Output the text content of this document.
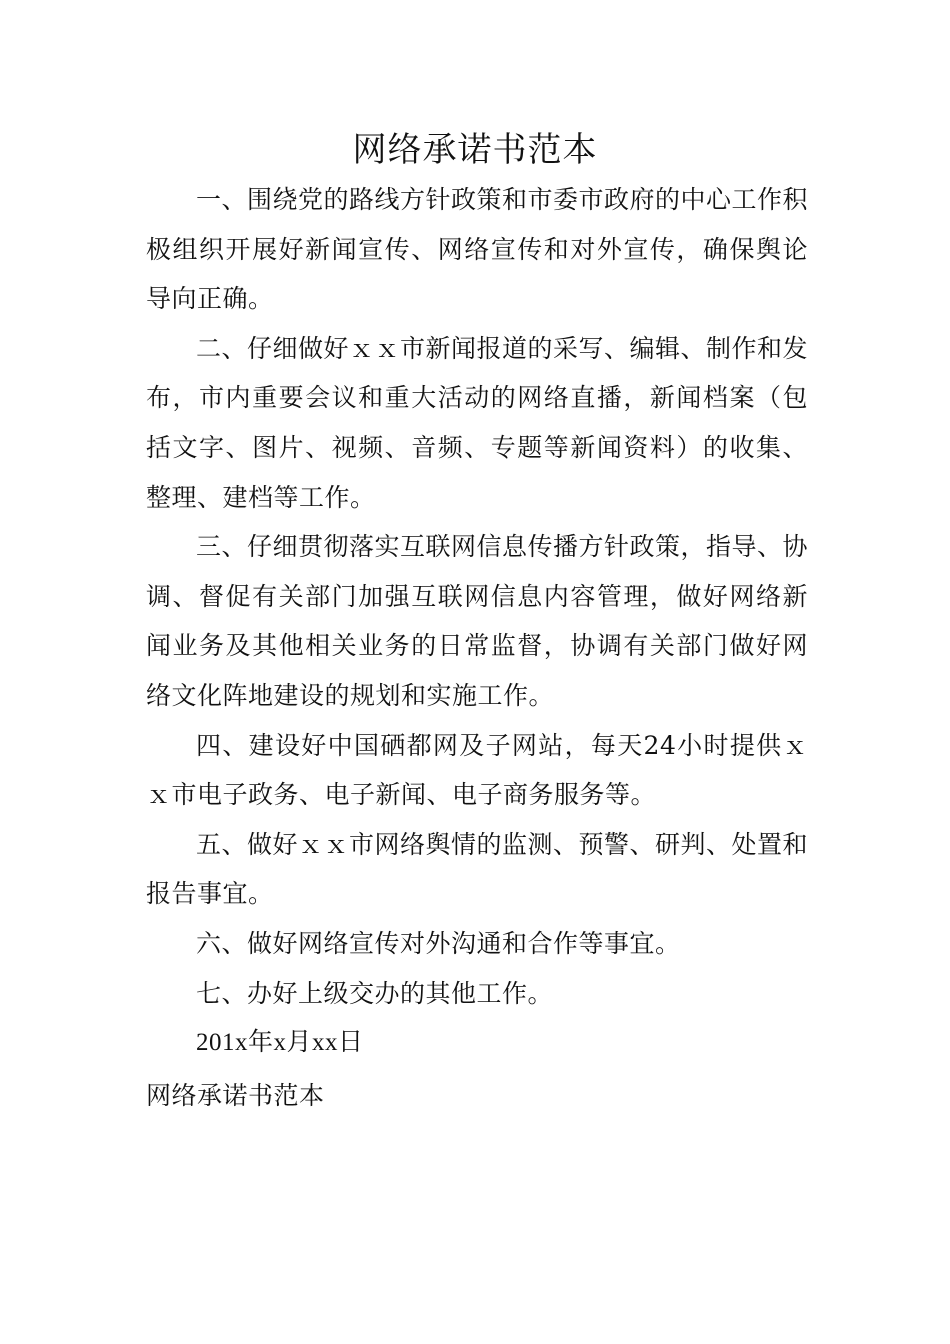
网络承诺书范本

一、围绕党的路线方针政策和市委市政府的中心工作积极组织开展好新闻宣传、网络宣传和对外宣传，确保舆论导向正确。

二、仔细做好ｘｘ市新闻报道的采写、编辑、制作和发布，市内重要会议和重大活动的网络直播，新闻档案（包括文字、图片、视频、音频、专题等新闻资料）的收集、整理、建档等工作。

三、仔细贯彻落实互联网信息传播方针政策，指导、协调、督促有关部门加强互联网信息内容管理，做好网络新闻业务及其他相关业务的日常监督，协调有关部门做好网络文化阵地建设的规划和实施工作。

四、建设好中国硒都网及子网站，每天24小时提供ｘｘ市电子政务、电子新闻、电子商务服务等。

五、做好ｘｘ市网络舆情的监测、预警、研判、处置和报告事宜。

六、做好网络宣传对外沟通和合作等事宜。

七、办好上级交办的其他工作。

201x年x月xx日

网络承诺书范本
